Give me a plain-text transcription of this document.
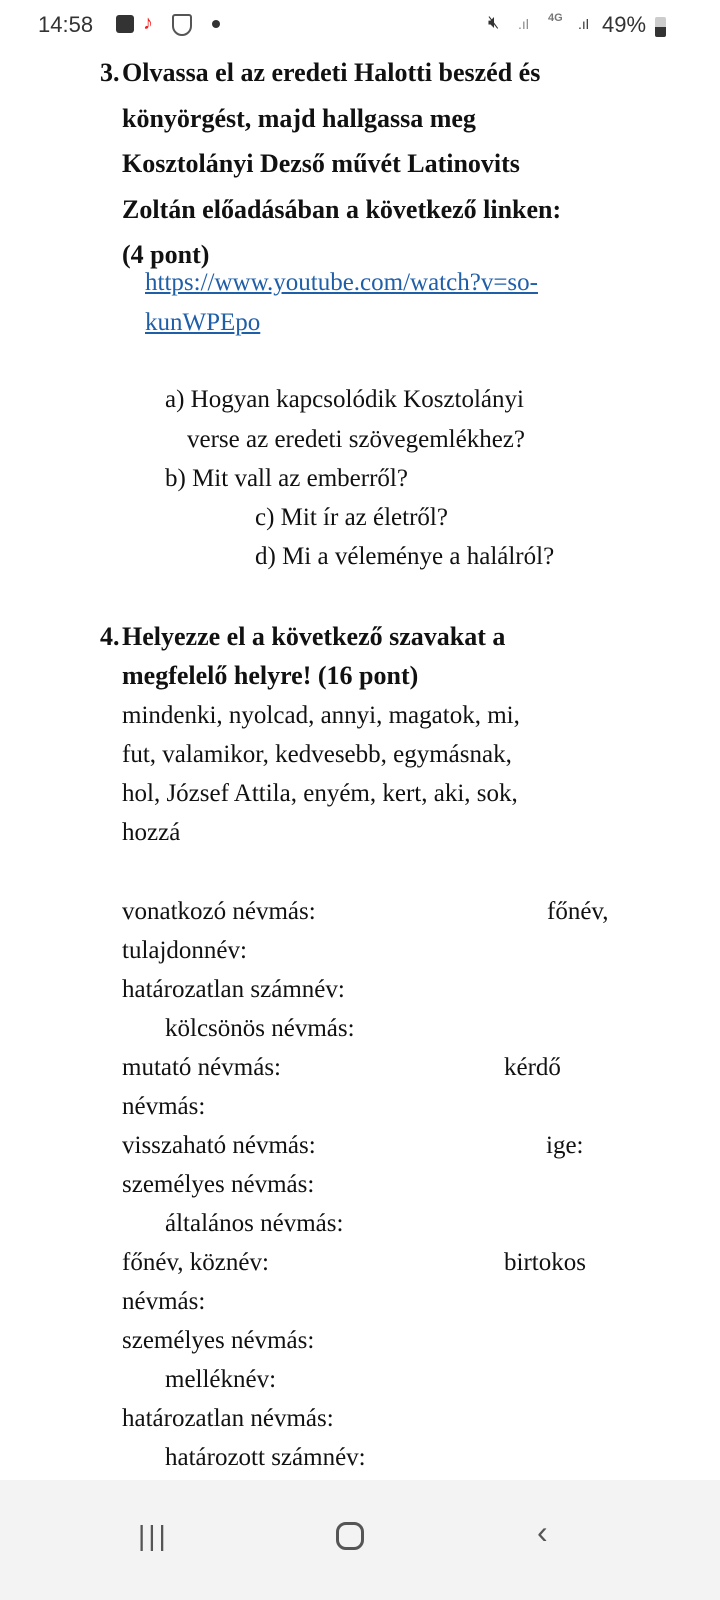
14:58 ♪	🔇︎ .ıl 4G .ıl 49%
3. Olvassa el az eredeti Halotti beszéd és
könyörgést, majd hallgassa meg
Kosztolányi Dezső művét Latinovits
Zoltán előadásában a következő linken:
(4 pont)
https://www.youtube.com/watch?v=so-
kunWPEpo
a) Hogyan kapcsolódik Kosztolányi
verse az eredeti szövegemlékhez?
b) Mit vall az emberről?
c) Mit ír az életről?
d) Mi a véleménye a halálról?
4. Helyezze el a következő szavakat a
megfelelő helyre! (16 pont)
mindenki, nyolcad, annyi, magatok, mi,
fut, valamikor, kedvesebb, egymásnak,
hol, József Attila, enyém, kert, aki, sok,
hozzá
vonatkozó névmás:	főnév,
tulajdonnév:
határozatlan számnév:
kölcsönös névmás:
mutató névmás:	kérdő
névmás:
visszaható névmás:	ige:
személyes névmás:
általános névmás:
főnév, köznév:	birtokos
névmás:
személyes névmás:
melléknév:
határozatlan névmás:
határozott számnév:
|||	‹
